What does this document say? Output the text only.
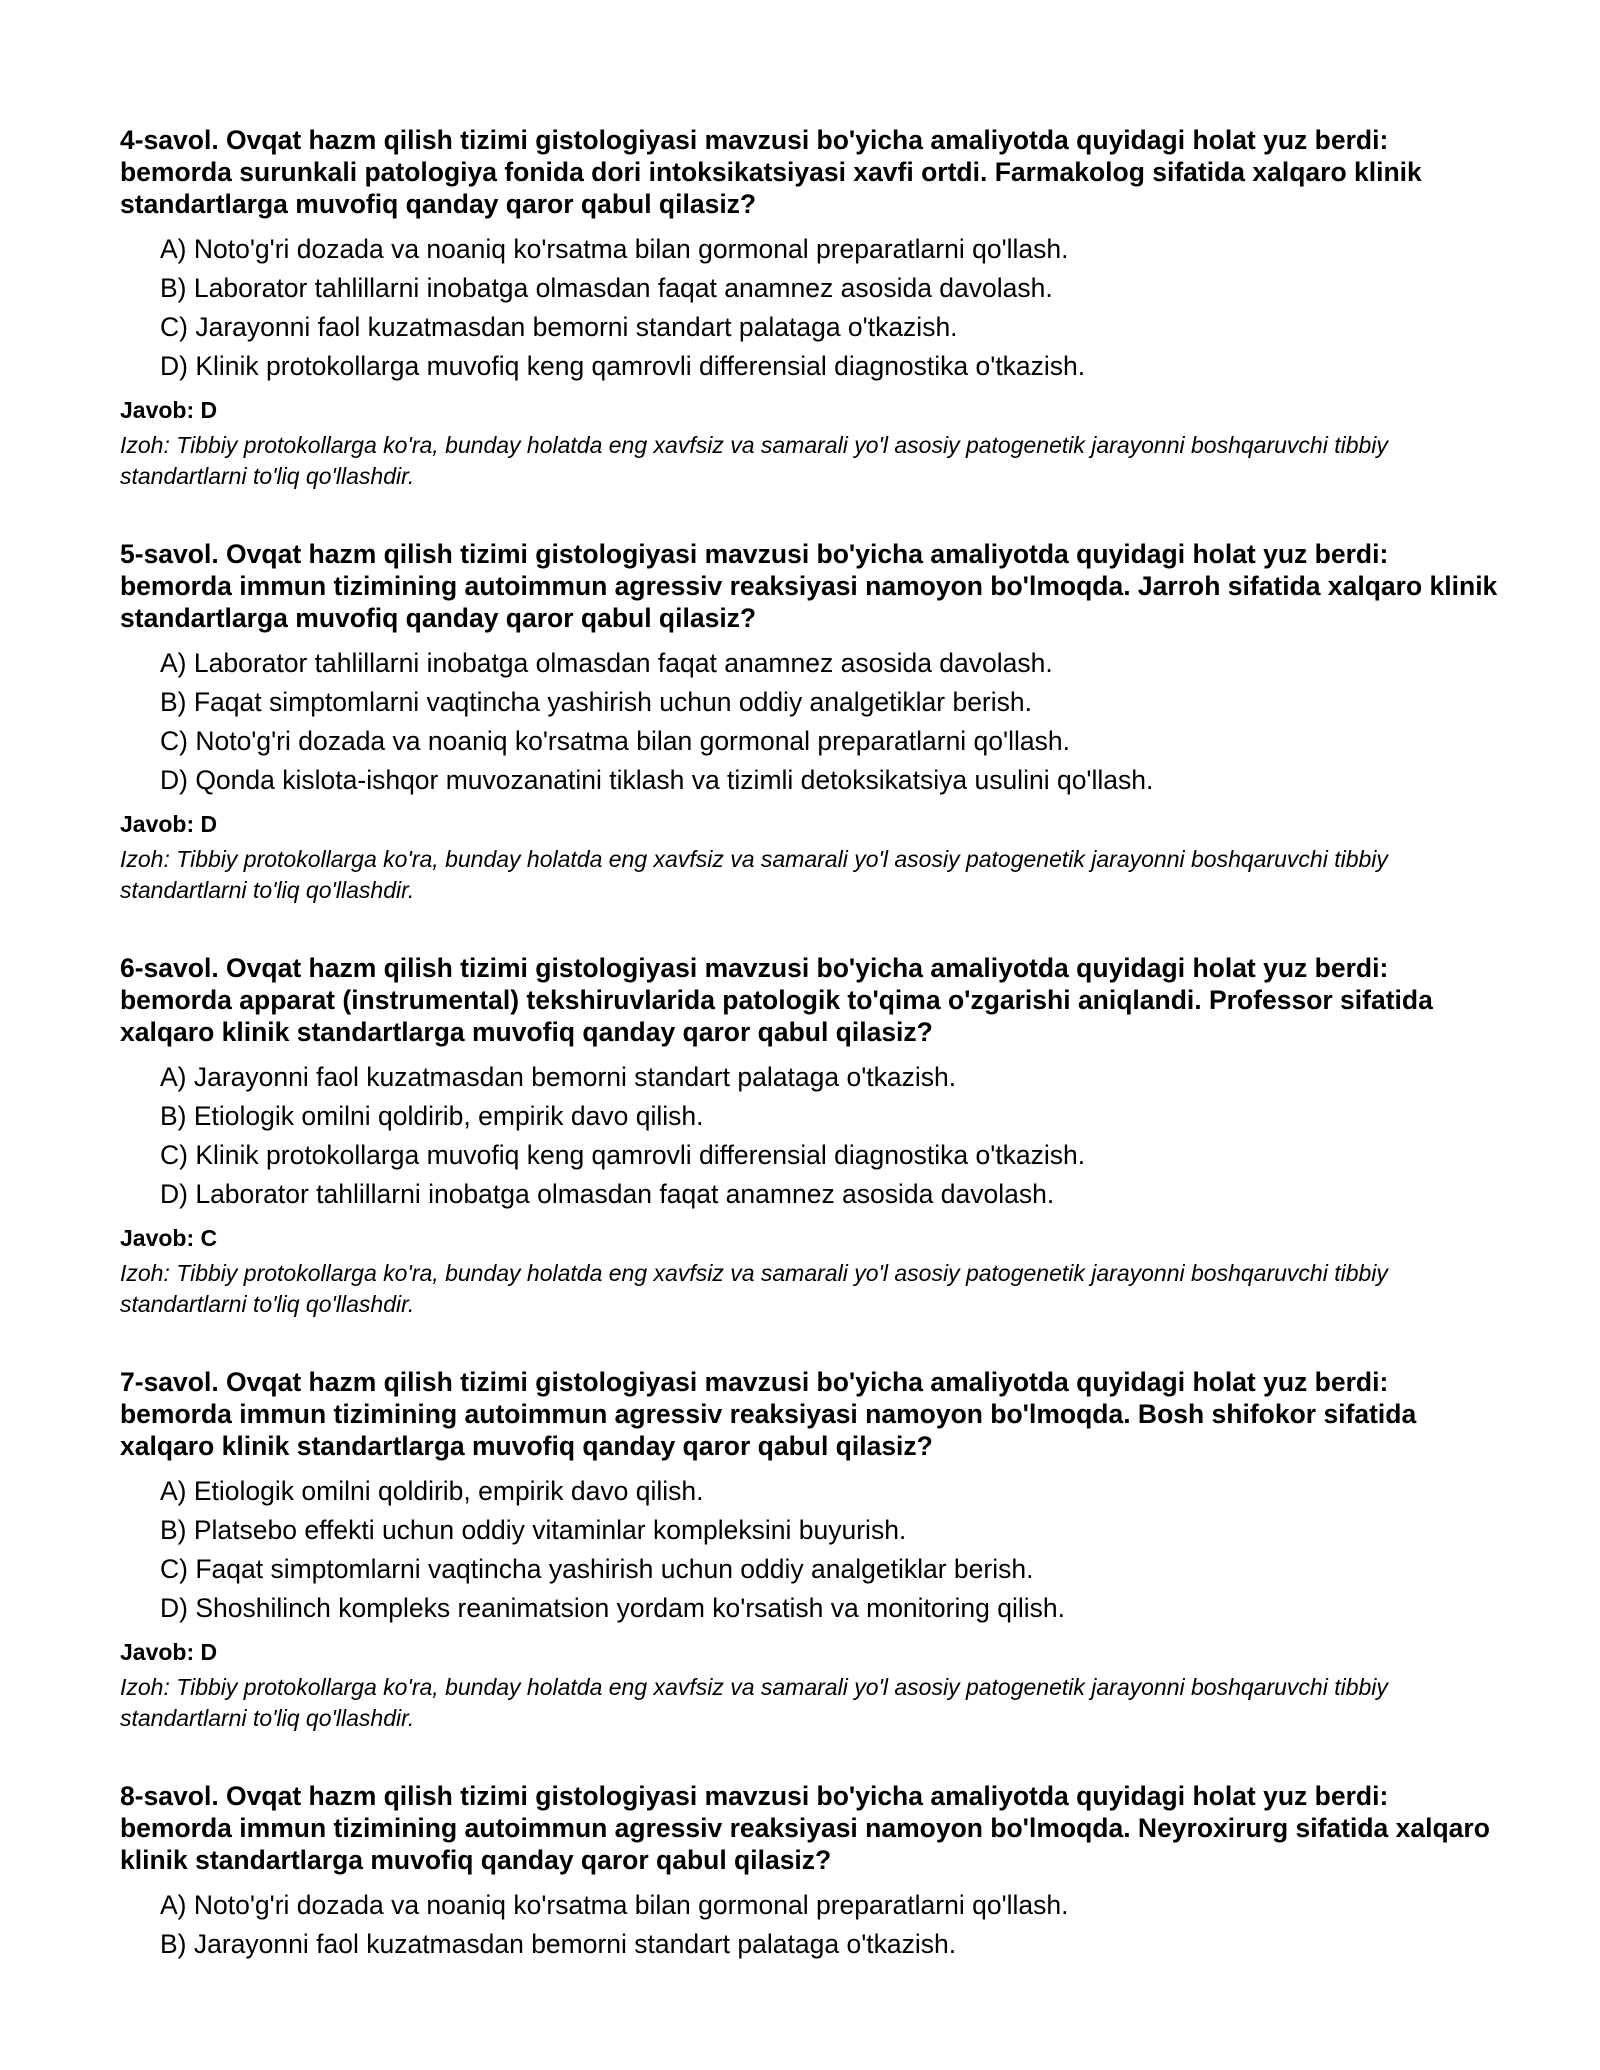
4-savol. Ovqat hazm qilish tizimi gistologiyasi mavzusi bo'yicha amaliyotda quyidagi holat yuz berdi: bemorda surunkali patologiya fonida dori intoksikatsiyasi xavfi ortdi. Farmakolog sifatida xalqaro klinik standartlarga muvofiq qanday qaror qabul qilasiz?

A) Noto'g'ri dozada va noaniq ko'rsatma bilan gormonal preparatlarni qo'llash.
B) Laborator tahlillarni inobatga olmasdan faqat anamnez asosida davolash.
C) Jarayonni faol kuzatmasdan bemorni standart palataga o'tkazish.
D) Klinik protokollarga muvofiq keng qamrovli differensial diagnostika o'tkazish.

Javob: D

Izoh: Tibbiy protokollarga ko'ra, bunday holatda eng xavfsiz va samarali yo'l asosiy patogenetik jarayonni boshqaruvchi tibbiy standartlarni to'liq qo'llashdir.

5-savol. Ovqat hazm qilish tizimi gistologiyasi mavzusi bo'yicha amaliyotda quyidagi holat yuz berdi: bemorda immun tizimining autoimmun agressiv reaksiyasi namoyon bo'lmoqda. Jarroh sifatida xalqaro klinik standartlarga muvofiq qanday qaror qabul qilasiz?

A) Laborator tahlillarni inobatga olmasdan faqat anamnez asosida davolash.
B) Faqat simptomlarni vaqtincha yashirish uchun oddiy analgetiklar berish.
C) Noto'g'ri dozada va noaniq ko'rsatma bilan gormonal preparatlarni qo'llash.
D) Qonda kislota-ishqor muvozanatini tiklash va tizimli detoksikatsiya usulini qo'llash.

Javob: D

Izoh: Tibbiy protokollarga ko'ra, bunday holatda eng xavfsiz va samarali yo'l asosiy patogenetik jarayonni boshqaruvchi tibbiy standartlarni to'liq qo'llashdir.

6-savol. Ovqat hazm qilish tizimi gistologiyasi mavzusi bo'yicha amaliyotda quyidagi holat yuz berdi: bemorda apparat (instrumental) tekshiruvlarida patologik to'qima o'zgarishi aniqlandi. Professor sifatida xalqaro klinik standartlarga muvofiq qanday qaror qabul qilasiz?

A) Jarayonni faol kuzatmasdan bemorni standart palataga o'tkazish.
B) Etiologik omilni qoldirib, empirik davo qilish.
C) Klinik protokollarga muvofiq keng qamrovli differensial diagnostika o'tkazish.
D) Laborator tahlillarni inobatga olmasdan faqat anamnez asosida davolash.

Javob: C

Izoh: Tibbiy protokollarga ko'ra, bunday holatda eng xavfsiz va samarali yo'l asosiy patogenetik jarayonni boshqaruvchi tibbiy standartlarni to'liq qo'llashdir.

7-savol. Ovqat hazm qilish tizimi gistologiyasi mavzusi bo'yicha amaliyotda quyidagi holat yuz berdi: bemorda immun tizimining autoimmun agressiv reaksiyasi namoyon bo'lmoqda. Bosh shifokor sifatida xalqaro klinik standartlarga muvofiq qanday qaror qabul qilasiz?

A) Etiologik omilni qoldirib, empirik davo qilish.
B) Platsebo effekti uchun oddiy vitaminlar kompleksini buyurish.
C) Faqat simptomlarni vaqtincha yashirish uchun oddiy analgetiklar berish.
D) Shoshilinch kompleks reanimatsion yordam ko'rsatish va monitoring qilish.

Javob: D

Izoh: Tibbiy protokollarga ko'ra, bunday holatda eng xavfsiz va samarali yo'l asosiy patogenetik jarayonni boshqaruvchi tibbiy standartlarni to'liq qo'llashdir.

8-savol. Ovqat hazm qilish tizimi gistologiyasi mavzusi bo'yicha amaliyotda quyidagi holat yuz berdi: bemorda immun tizimining autoimmun agressiv reaksiyasi namoyon bo'lmoqda. Neyroxirurg sifatida xalqaro klinik standartlarga muvofiq qanday qaror qabul qilasiz?

A) Noto'g'ri dozada va noaniq ko'rsatma bilan gormonal preparatlarni qo'llash.
B) Jarayonni faol kuzatmasdan bemorni standart palataga o'tkazish.
